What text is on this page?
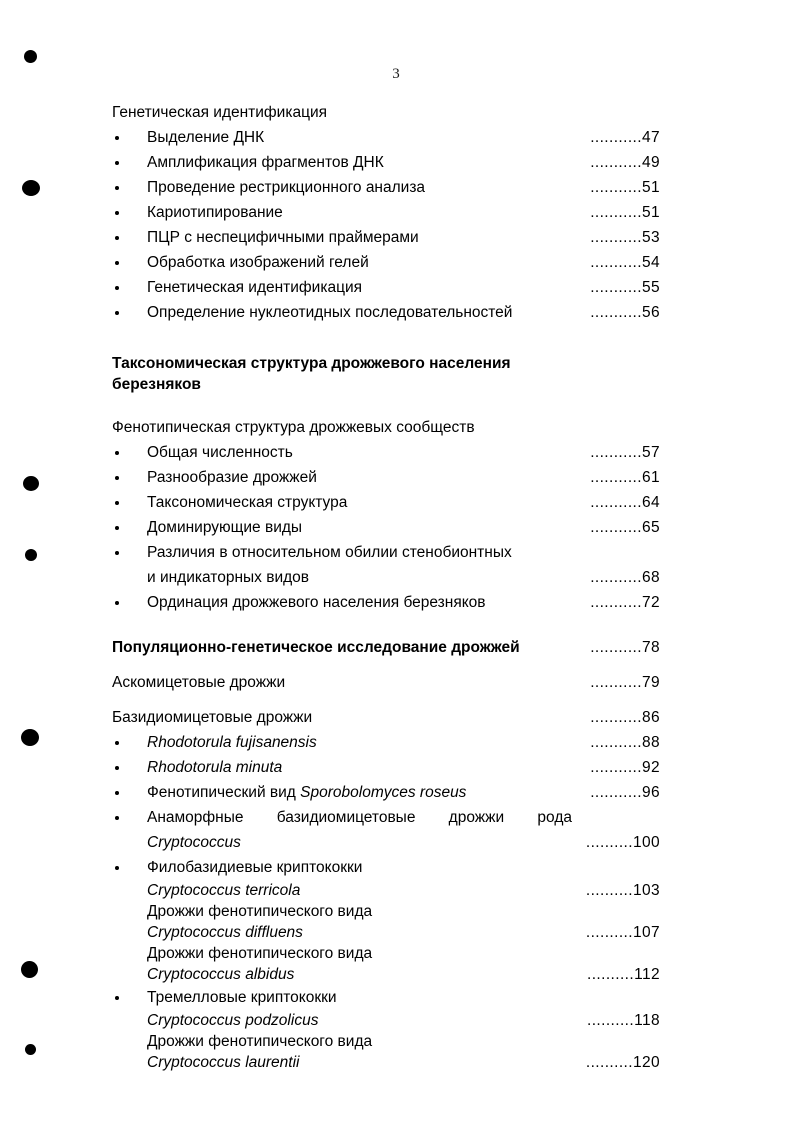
3
Генетическая идентификация
Выделение ДНК	...........47
Амплификация фрагментов ДНК	...........49
Проведение рестрикционного анализа	...........51
Кариотипирование	...........51
ПЦР с неспецифичными праймерами	...........53
Обработка изображений гелей	...........54
Генетическая идентификация	...........55
Определение нуклеотидных последовательностей	...........56
Таксономическая структура дрожжевого населения
березняков
Фенотипическая структура дрожжевых сообществ
Общая численность	...........57
Разнообразие дрожжей	...........61
Таксономическая структура	...........64
Доминирующие виды	...........65
Различия в относительном обилии стенобионтных
и индикаторных видов	...........68
Ординация дрожжевого населения березняков	...........72
Популяционно-генетическое исследование дрожжей	...........78
Аскомицетовые дрожжи	...........79
Базидиомицетовые дрожжи	...........86
Rhodotorula fujisanensis	...........88
Rhodotorula minuta	...........92
Фенотипический вид Sporobolomyces roseus	...........96
Анаморфные базидиомицетовые дрожжи рода
Cryptococcus	..........100
Филобазидиевые криптококки
Cryptococcus terricola	..........103
Дрожжи фенотипического вида
Cryptococcus diffluens	..........107
Дрожжи фенотипического вида
Cryptococcus albidus	..........112
Тремелловые криптококки
Cryptococcus podzolicus	..........118
Дрожжи фенотипического вида
Cryptococcus laurentii	..........120
